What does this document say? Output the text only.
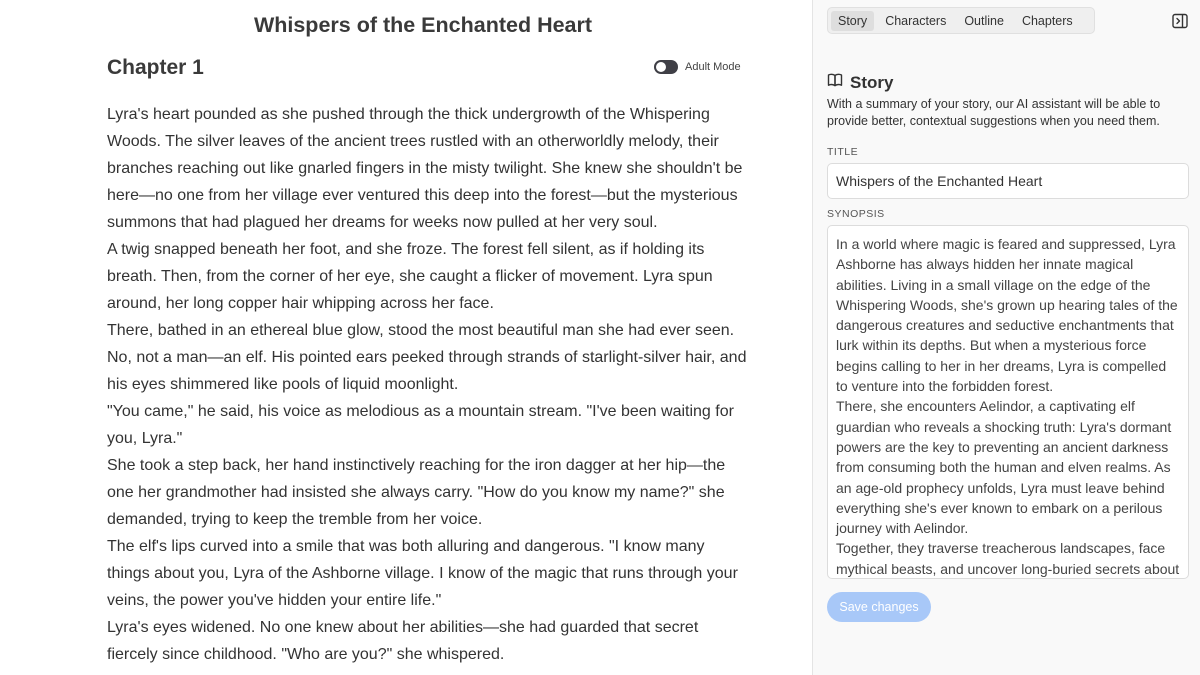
Whispers of the Enchanted Heart
Chapter 1	Adult Mode

Lyra's heart pounded as she pushed through the thick undergrowth of the Whispering Woods. The silver leaves of the ancient trees rustled with an otherworldly melody, their branches reaching out like gnarled fingers in the misty twilight. She knew she shouldn't be here—no one from her village ever ventured this deep into the forest—but the mysterious summons that had plagued her dreams for weeks now pulled at her very soul.

A twig snapped beneath her foot, and she froze. The forest fell silent, as if holding its breath. Then, from the corner of her eye, she caught a flicker of movement. Lyra spun around, her long copper hair whipping across her face.

There, bathed in an ethereal blue glow, stood the most beautiful man she had ever seen. No, not a man—an elf. His pointed ears peeked through strands of starlight-silver hair, and his eyes shimmered like pools of liquid moonlight.

"You came," he said, his voice as melodious as a mountain stream. "I've been waiting for you, Lyra."

She took a step back, her hand instinctively reaching for the iron dagger at her hip—the one her grandmother had insisted she always carry. "How do you know my name?" she demanded, trying to keep the tremble from her voice.

The elf's lips curved into a smile that was both alluring and dangerous. "I know many things about you, Lyra of the Ashborne village. I know of the magic that runs through your veins, the power you've hidden your entire life."

Lyra's eyes widened. No one knew about her abilities—she had guarded that secret fiercely since childhood. "Who are you?" she whispered.

Story	Characters	Outline	Chapters
Story
With a summary of your story, our AI assistant will be able to provide better, contextual suggestions when you need them.
TITLE
Whispers of the Enchanted Heart
SYNOPSIS

In a world where magic is feared and suppressed, Lyra Ashborne has always hidden her innate magical abilities. Living in a small village on the edge of the Whispering Woods, she's grown up hearing tales of the dangerous creatures and seductive enchantments that lurk within its depths. But when a mysterious force begins calling to her in her dreams, Lyra is compelled to venture into the forbidden forest.

There, she encounters Aelindor, a captivating elf guardian who reveals a shocking truth: Lyra's dormant powers are the key to preventing an ancient darkness from consuming both the human and elven realms. As an age-old prophecy unfolds, Lyra must leave behind everything she's ever known to embark on a perilous journey with Aelindor.

Together, they traverse treacherous landscapes, face mythical beasts, and uncover long-buried secrets about

Save changes
